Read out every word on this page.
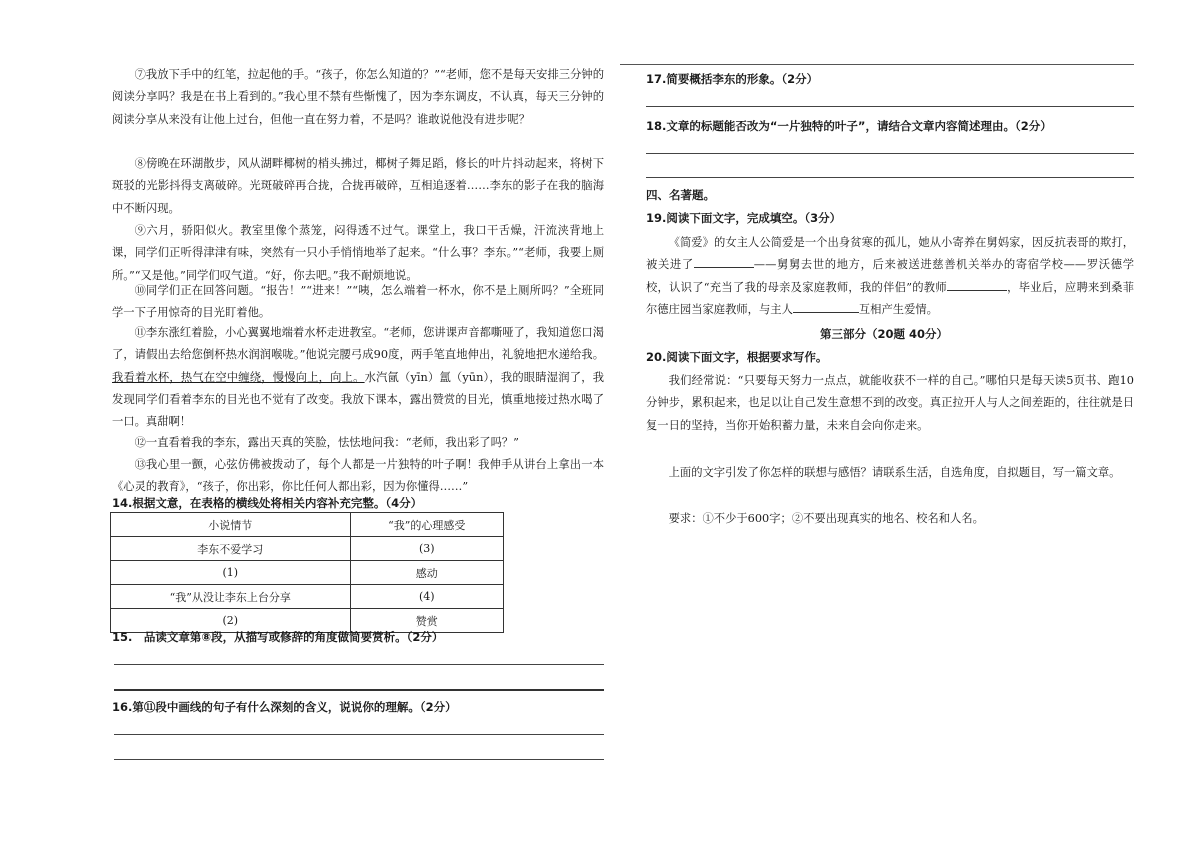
⑦我放下手中的红笔，拉起他的手。“孩子，你怎么知道的？”“老师，您不是每天安排三分钟的阅读分享吗？我是在书上看到的。”我心里不禁有些惭愧了，因为李东调皮，不认真，每天三分钟的阅读分享从来没有让他上过台，但他一直在努力着，不是吗？谁敢说他没有进步呢？
⑧傍晚在环湖散步，风从湖畔椰树的梢头拂过，椰树子舞足蹈，修长的叶片抖动起来，将树下斑驳的光影抖得支离破碎。光斑破碎再合拢，合拢再破碎，互相追逐着……李东的影子在我的脑海中不断闪现。
⑨六月，骄阳似火。教室里像个蒸笼，闷得透不过气。课堂上，我口干舌燥，汗流浃背地上课，同学们正听得津津有味，突然有一只小手悄悄地举了起来。“什么事？李东。”“老师，我要上厕所。”“又是他。”同学们叹气道。“好，你去吧。”我不耐烦地说。
⑩同学们正在回答问题。“报告！”“进来！”“咦，怎么端着一杯水，你不是上厕所吗？”全班同学一下子用惊奇的目光盯着他。
⑪李东涨红着脸，小心翼翼地端着水杯走进教室。“老师，您讲课声音都嘶哑了，我知道您口渴了，请假出去给您倒杯热水润润喉咙。”他说完腰弓成90度，两手笔直地伸出，礼貌地把水递给我。我看着水杯，热气在空中缠绕，慢慢向上，向上。水汽氤（yīn）氲（yūn），我的眼睛湿润了，我发现同学们看着李东的目光也不觉有了改变。我放下课本，露出赞赏的目光，慎重地接过热水喝了一口。真甜啊！
⑫一直看着我的李东，露出天真的笑脸，怯怯地问我：“老师，我出彩了吗？”
⑬我心里一颤，心弦仿佛被拨动了，每个人都是一片独特的叶子啊！我伸手从讲台上拿出一本《心灵的教育》，“孩子，你出彩，你比任何人都出彩，因为你懂得……”
14.根据文意，在表格的横线处将相关内容补充完整。（4分）
小说情节	“我”的心理感受
李东不爱学习	(3)
(1)	感动
“我”从没让李东上台分享	(4)
(2)	赞赏
15.　品读文章第⑧段，从描写或修辞的角度做简要赏析。（2分）
16.第⑪段中画线的句子有什么深刻的含义，说说你的理解。（2分）
17.简要概括李东的形象。（2分）
18.文章的标题能否改为“一片独特的叶子”，请结合文章内容简述理由。（2分）
四、名著题。
19.阅读下面文字，完成填空。（3分）
《简爱》的女主人公简爱是一个出身贫寒的孤儿，她从小寄养在舅妈家，因反抗表哥的欺打，被关进了	——舅舅去世的地方，后来被送进慈善机关举办的寄宿学校——罗沃德学校，认识了“充当了我的母亲及家庭教师，我的伴侣”的教师	，毕业后，应聘来到桑菲尔德庄园当家庭教师，与主人	互相产生爱情。
第三部分（20题 40分）
20.阅读下面文字，根据要求写作。
我们经常说：“只要每天努力一点点，就能收获不一样的自己。”哪怕只是每天读5页书、跑10分钟步，累积起来，也足以让自己发生意想不到的改变。真正拉开人与人之间差距的，往往就是日复一日的坚持，当你开始积蓄力量，未来自会向你走来。
上面的文字引发了你怎样的联想与感悟？请联系生活，自选角度，自拟题目，写一篇文章。
要求：①不少于600字；②不要出现真实的地名、校名和人名。
